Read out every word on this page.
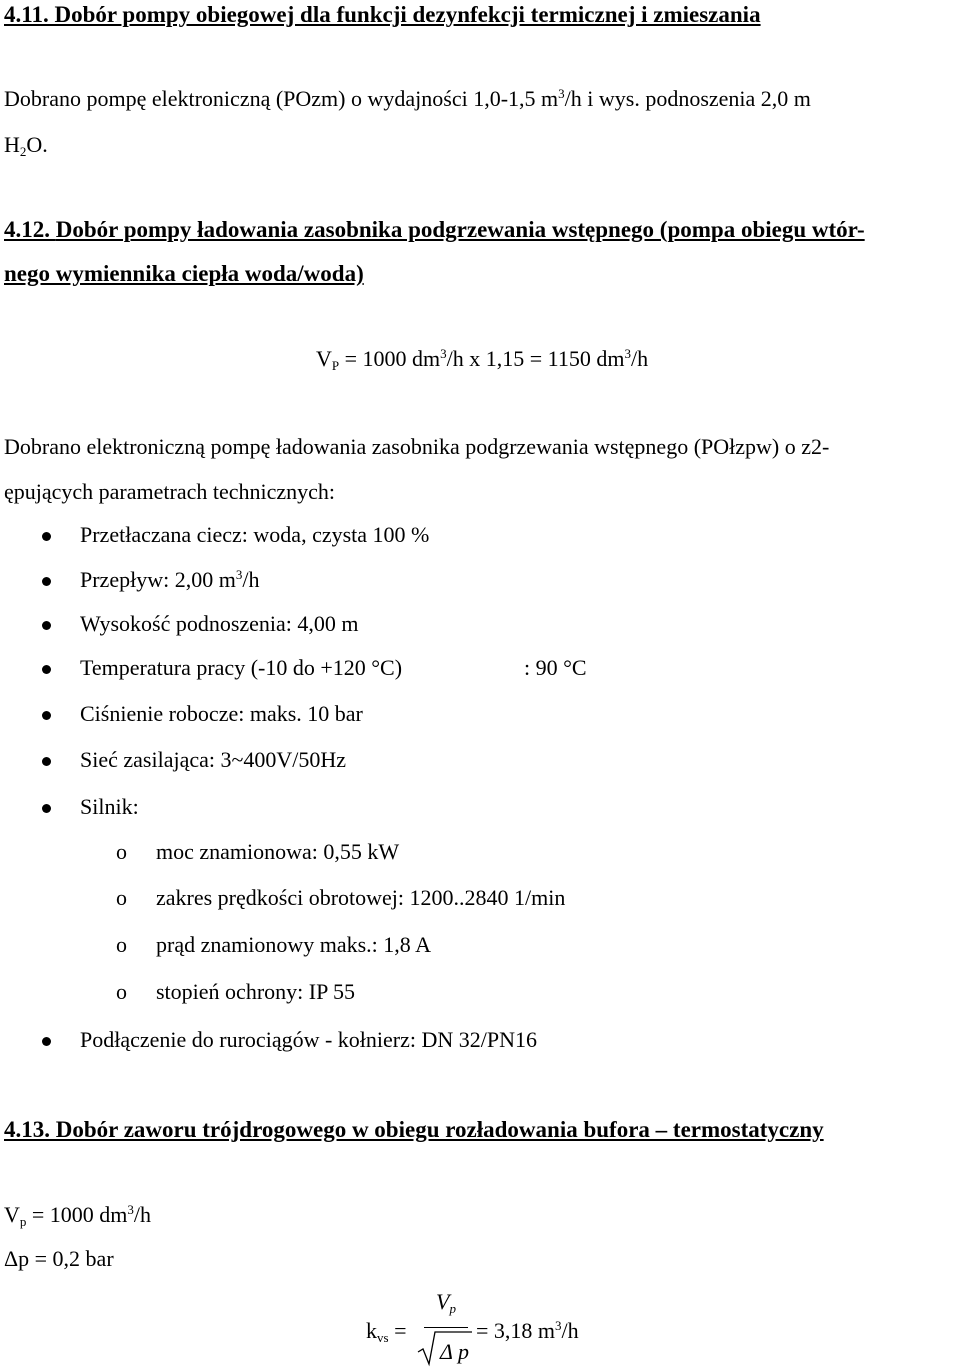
4.11. Dobór pompy obiegowej dla funkcji dezynfekcji termicznej i zmieszania
Dobrano pompę elektroniczną (POzm) o wydajności 1,0-1,5 $m^3/h$ i wys. podnoszenia 2,0 m
$H_2O$.
4.12. Dobór pompy ładowania zasobnika podgrzewania wstępnego (pompa obiegu wtór-
nego wymiennika ciepła woda/woda)
$V_P = 1000$ $dm^3/h$ x 1,15 = 1150 $dm^3/h$
Dobrano elektroniczną pompę ładowania zasobnika podgrzewania wstępnego (POłzpw) o z2-
ępujących parametrach technicznych:
Przetłaczana ciecz: woda, czysta 100 %
Przepływ: 2,00 $m^3/h$
Wysokość podnoszenia: 4,00 m
Temperatura pracy (-10 do +120 °C)	: 90 °C
Ciśnienie robocze: maks. 10 bar
Sieć zasilająca: 3~400V/50Hz
Silnik:
o moc znamionowa: 0,55 kW
o zakres prędkości obrotowej: 1200..2840 1/min
o prąd znamionowy maks.: 1,8 A
o stopień ochrony: IP 55
Podłączenie do rurociągów - kołnierz: DN 32/PN16
4.13. Dobór zaworu trójdrogowego w obiegu rozładowania bufora – termostatyczny
$V_p = 1000$ $dm^3/h$
Δp = 0,2 bar
$k_{vs}$ =
$V_p$
Δ p
= 3,18 $m^3/h$
